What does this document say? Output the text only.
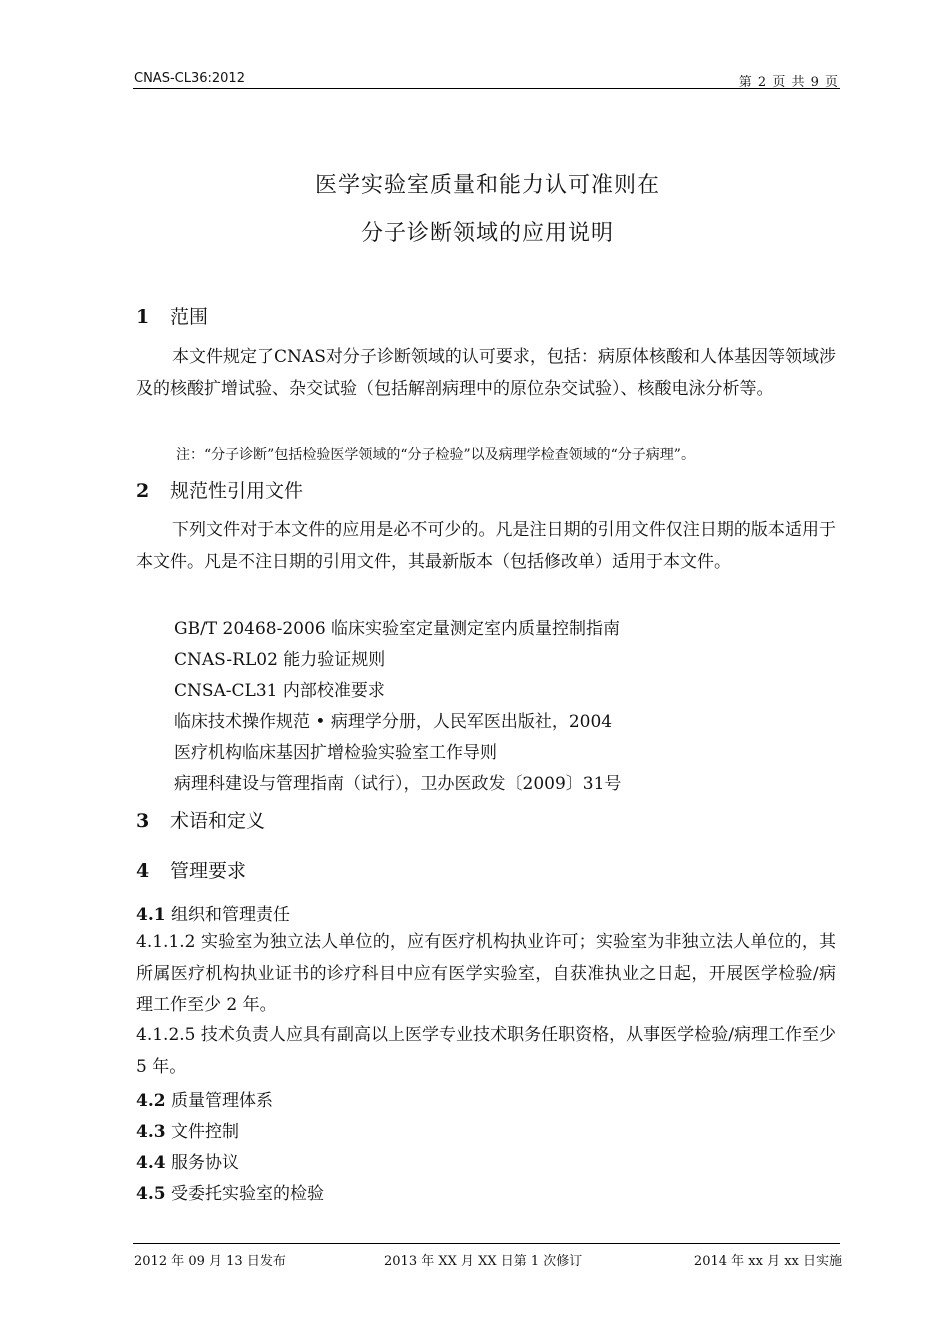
CNAS-CL36:2012	第 2 页 共 9 页
医学实验室质量和能力认可准则在
分子诊断领域的应用说明
1 范围
本文件规定了CNAS对分子诊断领域的认可要求，包括：病原体核酸和人体基因等领域涉及的核酸扩增试验、杂交试验（包括解剖病理中的原位杂交试验）、核酸电泳分析等。
注：“分子诊断”包括检验医学领域的“分子检验”以及病理学检查领域的“分子病理”。
2 规范性引用文件
下列文件对于本文件的应用是必不可少的。凡是注日期的引用文件仅注日期的版本适用于本文件。凡是不注日期的引用文件，其最新版本（包括修改单）适用于本文件。
GB/T 20468-2006 临床实验室定量测定室内质量控制指南
CNAS-RL02 能力验证规则
CNSA-CL31 内部校准要求
临床技术操作规范 • 病理学分册，人民军医出版社，2004
医疗机构临床基因扩增检验实验室工作导则
病理科建设与管理指南（试行），卫办医政发〔2009〕31号
3 术语和定义
4 管理要求
4.1 组织和管理责任
4.1.1.2 实验室为独立法人单位的，应有医疗机构执业许可；实验室为非独立法人单位的，其所属医疗机构执业证书的诊疗科目中应有医学实验室，自获准执业之日起，开展医学检验/病理工作至少 2 年。
4.1.2.5 技术负责人应具有副高以上医学专业技术职务任职资格，从事医学检验/病理工作至少 5 年。
4.2 质量管理体系
4.3 文件控制
4.4 服务协议
4.5 受委托实验室的检验
2012 年 09 月 13 日发布	2013 年 XX 月 XX 日第 1 次修订	2014 年 xx 月 xx 日实施
